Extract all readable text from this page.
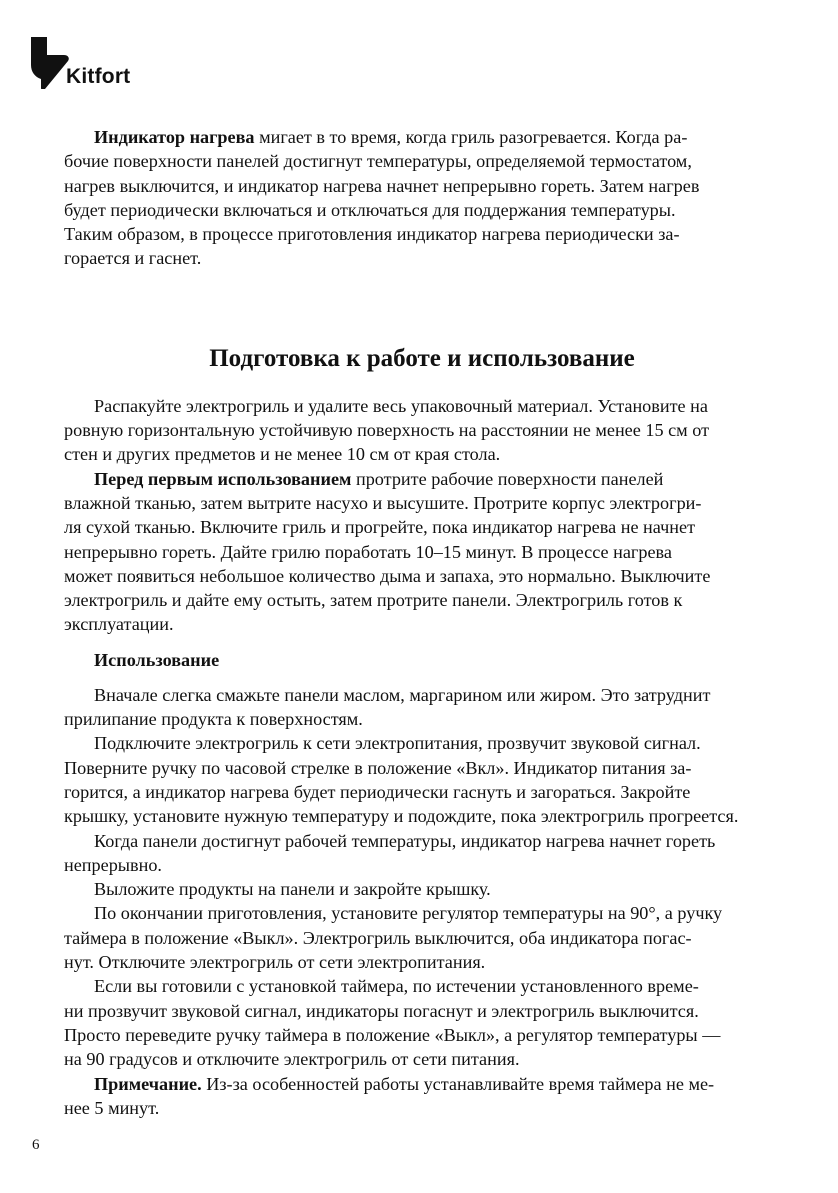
Kitfort

Индикатор нагрева мигает в то время, когда гриль разогревается. Когда ра-
бочие поверхности панелей достигнут температуры, определяемой термостатом,
нагрев выключится, и индикатор нагрева начнет непрерывно гореть. Затем нагрев
будет периодически включаться и отключаться для поддержания температуры.
Таким образом, в процессе приготовления индикатор нагрева периодически за-
горается и гаснет.

Подготовка к работе и использование

Распакуйте электрогриль и удалите весь упаковочный материал. Установите на
ровную горизонтальную устойчивую поверхность на расстоянии не менее 15 см от
стен и других предметов и не менее 10 см от края стола.

Перед первым использованием протрите рабочие поверхности панелей
влажной тканью, затем вытрите насухо и высушите. Протрите корпус электрогри-
ля сухой тканью. Включите гриль и прогрейте, пока индикатор нагрева не начнет
непрерывно гореть. Дайте грилю поработать 10–15 минут. В процессе нагрева
может появиться небольшое количество дыма и запаха, это нормально. Выключите
электрогриль и дайте ему остыть, затем протрите панели. Электрогриль готов к
эксплуатации.

Использование

Вначале слегка смажьте панели маслом, маргарином или жиром. Это затруднит
прилипание продукта к поверхностям.

Подключите электрогриль к сети электропитания, прозвучит звуковой сигнал.
Поверните ручку по часовой стрелке в положение «Вкл». Индикатор питания за-
горится, а индикатор нагрева будет периодически гаснуть и загораться. Закройте
крышку, установите нужную температуру и подождите, пока электрогриль прогреется.

Когда панели достигнут рабочей температуры, индикатор нагрева начнет гореть
непрерывно.

Выложите продукты на панели и закройте крышку.

По окончании приготовления, установите регулятор температуры на 90°, а ручку
таймера в положение «Выкл». Электрогриль выключится, оба индикатора погас-
нут. Отключите электрогриль от сети электропитания.

Если вы готовили с установкой таймера, по истечении установленного време-
ни прозвучит звуковой сигнал, индикаторы погаснут и электрогриль выключится.
Просто переведите ручку таймера в положение «Выкл», а регулятор температуры —
на 90 градусов и отключите электрогриль от сети питания.

Примечание. Из-за особенностей работы устанавливайте время таймера не ме-
нее 5 минут.

6
